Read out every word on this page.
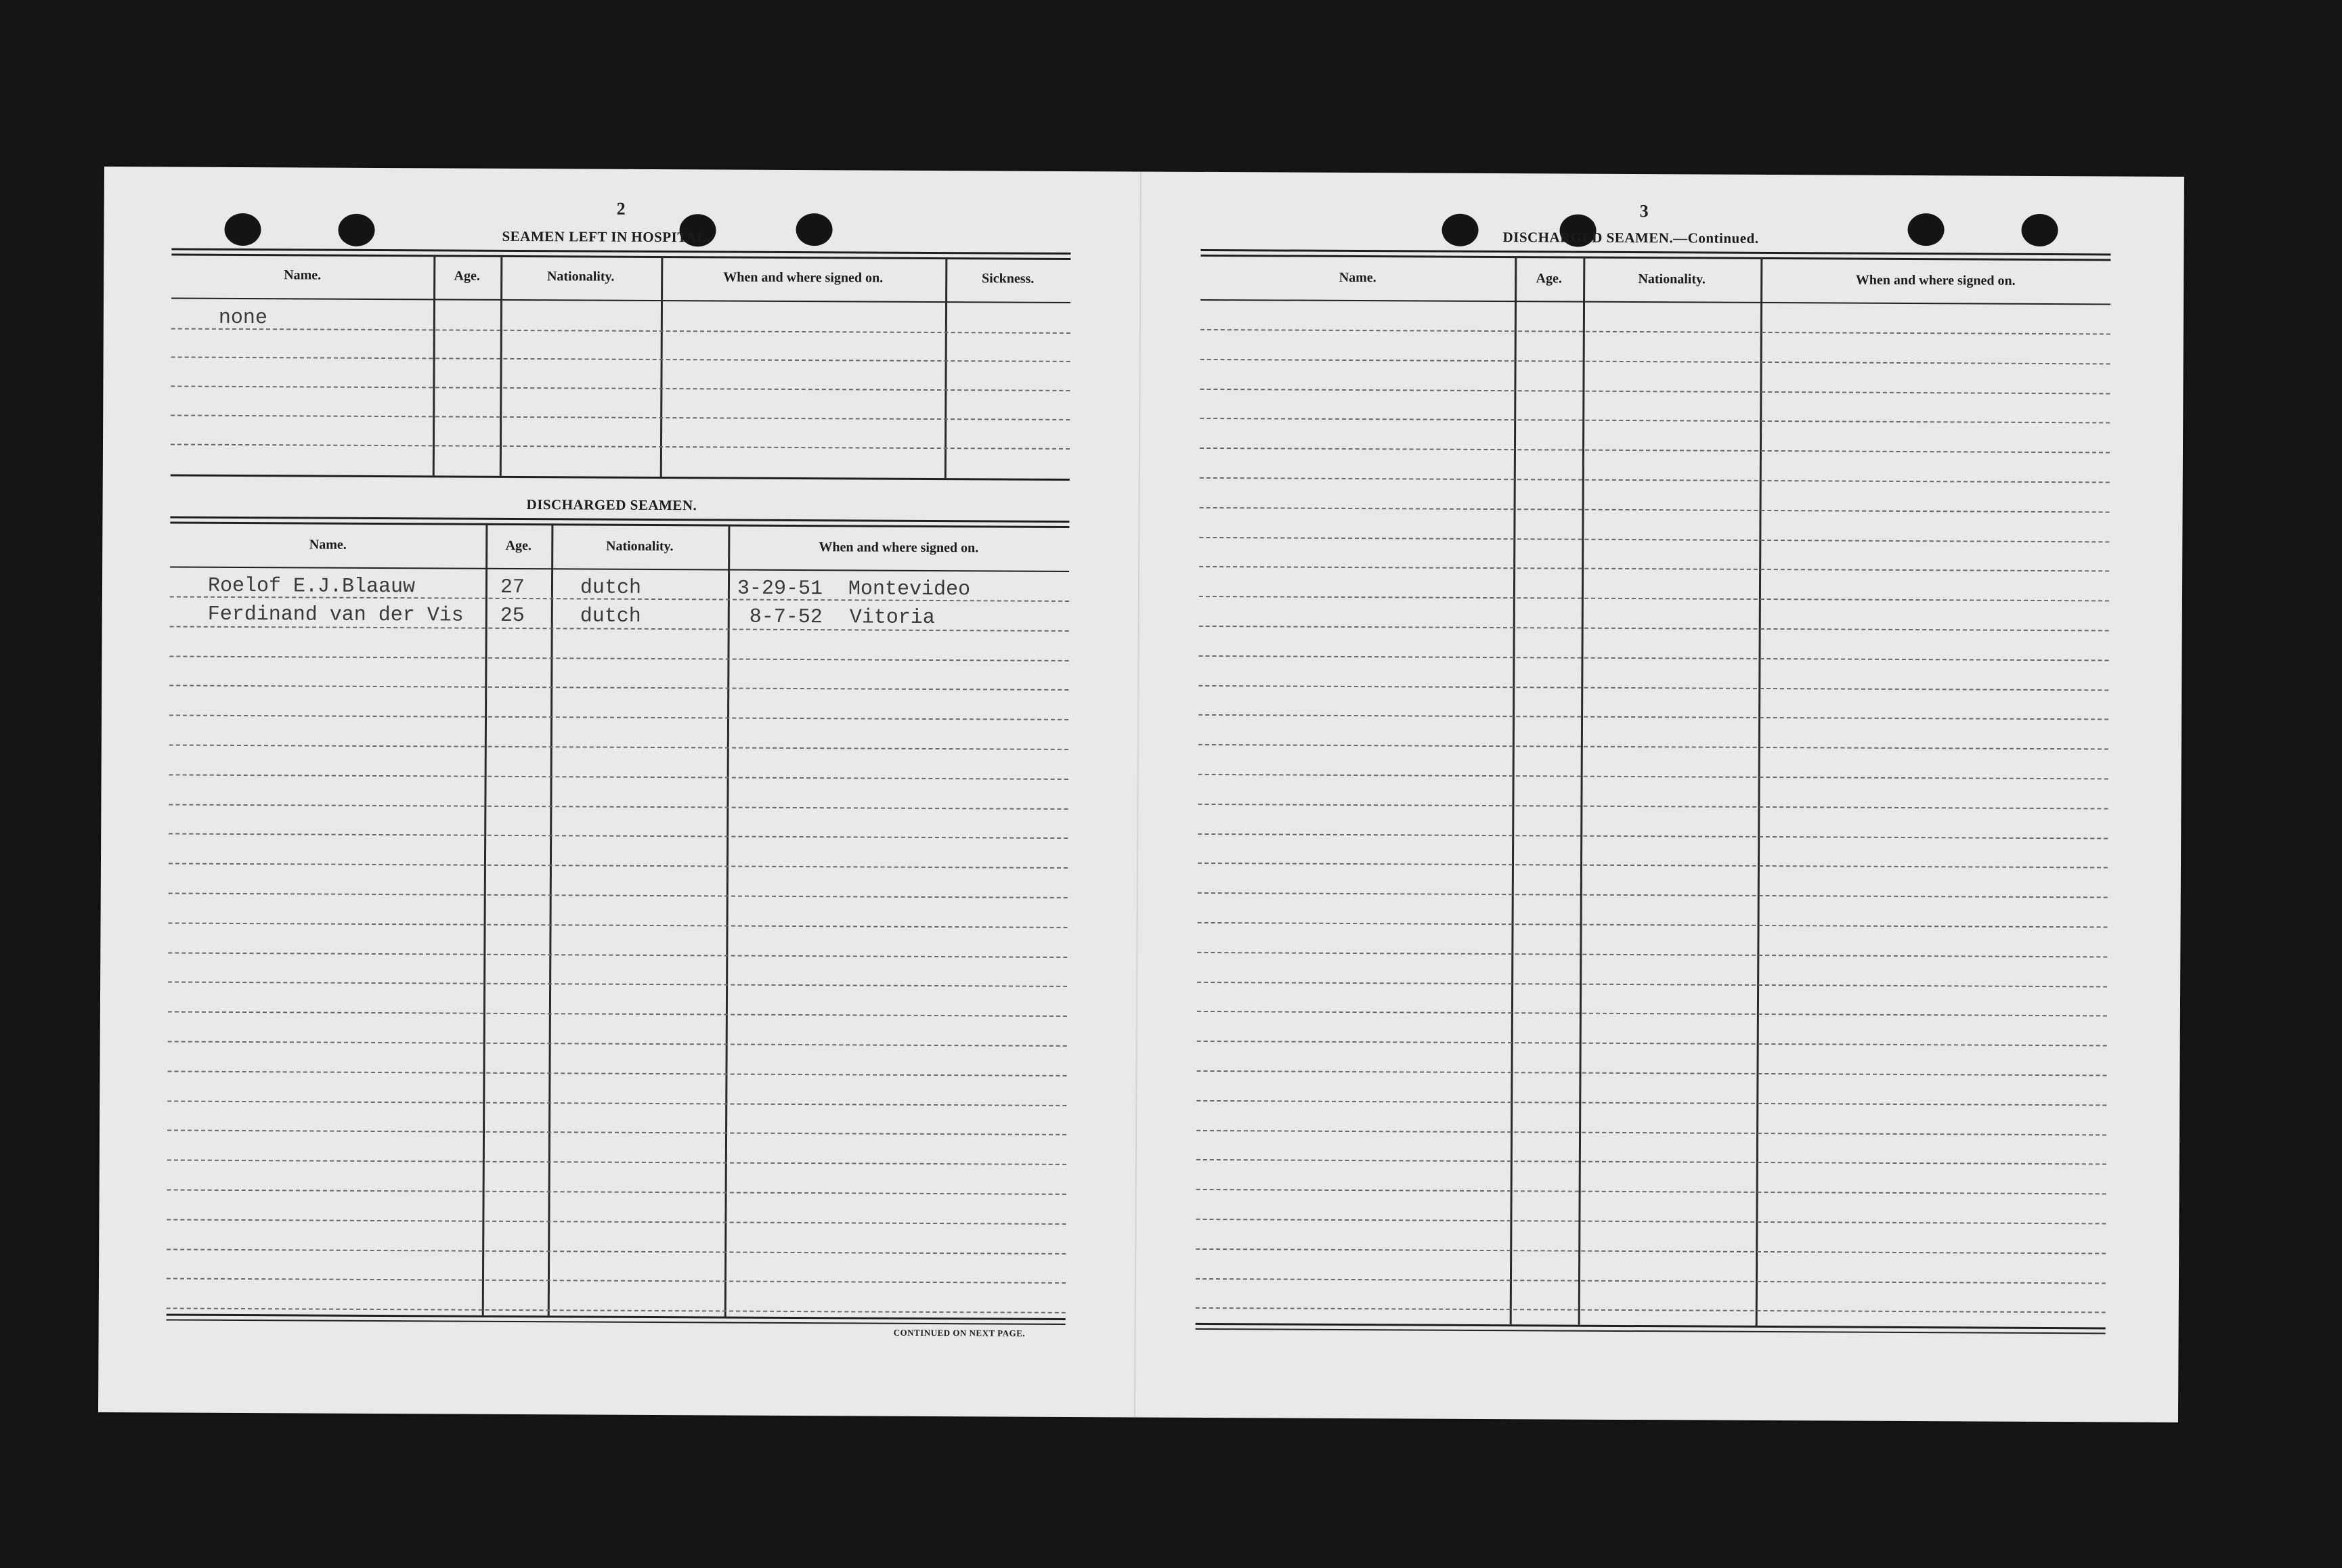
2
SEAMEN LEFT IN HOSPITAL.
Name.	Age.	Nationality.	When and where signed on.	Sickness.
none
DISCHARGED SEAMEN.
Name.	Age.	Nationality.	When and where signed on.
Roelof E.J.Blaauw	27	dutch	3-29-51 Montevideo
Ferdinand van der Vis 25	dutch	8-7-52 Vitoria
CONTINUED ON NEXT PAGE.
3
DISCHARGED SEAMEN.—Continued.
Name.	Age.	Nationality.	When and where signed on.
